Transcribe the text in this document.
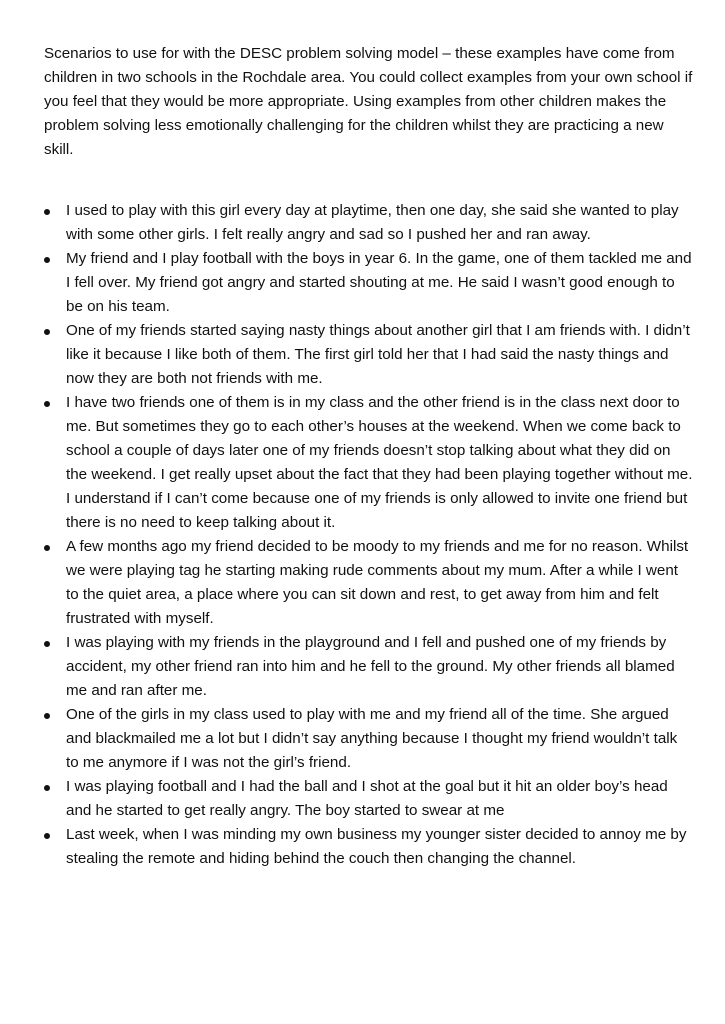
Scenarios to use for with the DESC problem solving model – these examples have come from children in two schools in the Rochdale area. You could collect examples from your own school if you feel that they would be more appropriate. Using examples from other children makes the problem solving less emotionally challenging for the children whilst they are practicing a new skill.

I used to play with this girl every day at playtime, then one day, she said she wanted to play with some other girls. I felt really angry and sad so I pushed her and ran away.
My friend and I play football with the boys in year 6. In the game, one of them tackled me and I fell over. My friend got angry and started shouting at me. He said I wasn’t good enough to be on his team.
One of my friends started saying nasty things about another girl that I am friends with. I didn’t like it because I like both of them. The first girl told her that I had said the nasty things and now they are both not friends with me.
I have two friends one of them is in my class and the other friend is in the class next door to me. But sometimes they go to each other’s houses at the weekend. When we come back to school a couple of days later one of my friends doesn’t stop talking about what they did on the weekend. I get really upset about the fact that they had been playing together without me. I understand if I can’t come because one of my friends is only allowed to invite one friend but there is no need to keep talking about it.
A few months ago my friend decided to be moody to my friends and me for no reason. Whilst we were playing tag he starting making rude comments about my mum. After a while I went to the quiet area, a place where you can sit down and rest, to get away from him and felt frustrated with myself.
I was playing with my friends in the playground and I fell and pushed one of my friends by accident, my other friend ran into him and he fell to the ground. My other friends all blamed me and ran after me.
One of the girls in my class used to play with me and my friend all of the time. She argued and blackmailed me a lot but I didn’t say anything because I thought my friend wouldn’t talk to me anymore if I was not the girl’s friend.
I was playing football and I had the ball and I shot at the goal but it hit an older boy’s head and he started to get really angry. The boy started to swear at me
Last week, when I was minding my own business my younger sister decided to annoy me by stealing the remote and hiding behind the couch then changing the channel.
